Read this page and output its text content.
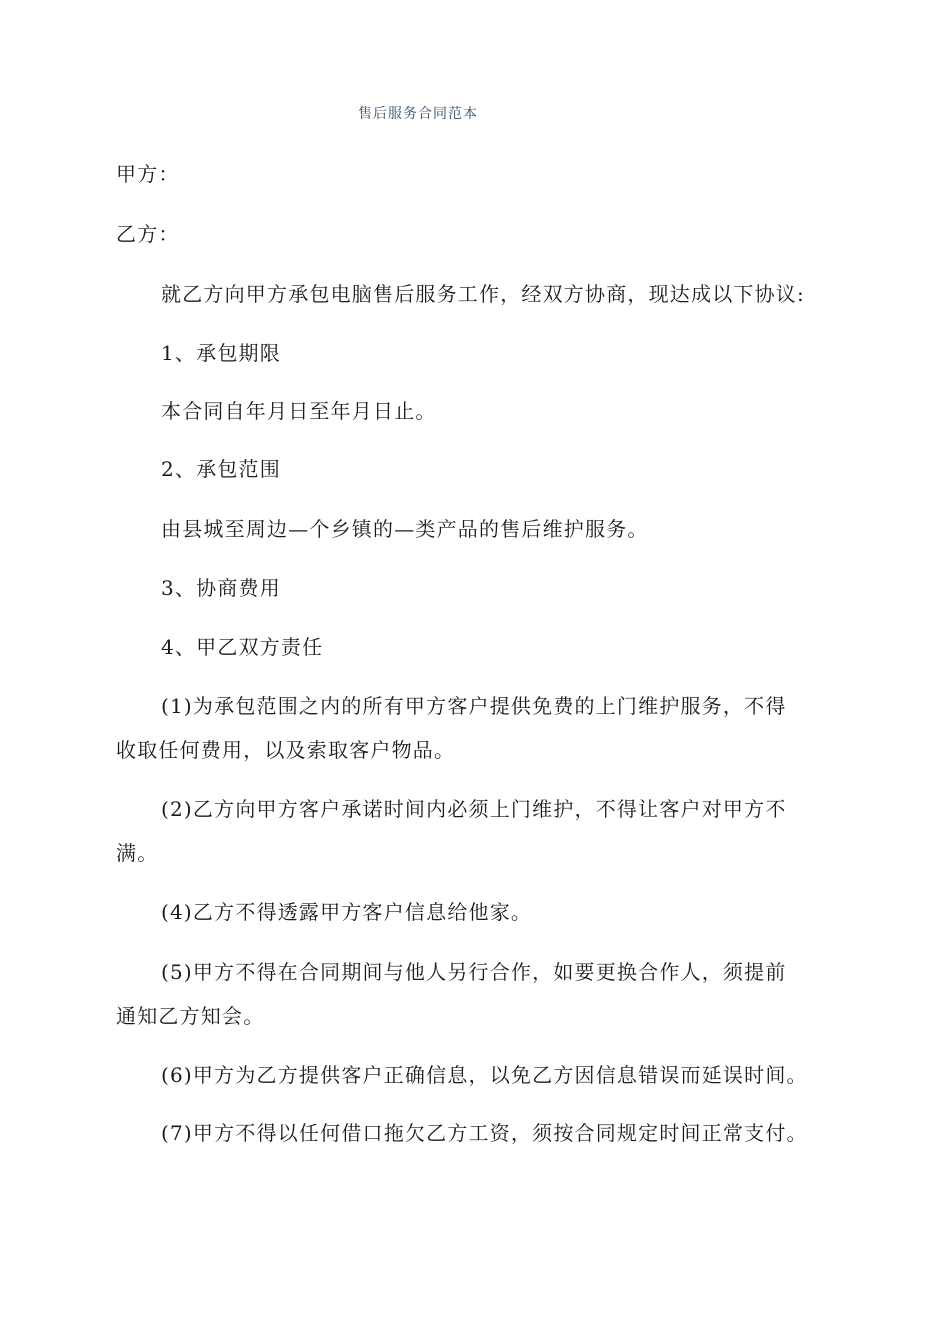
售后服务合同范本
甲方：
乙方：
就乙方向甲方承包电脑售后服务工作，经双方协商，现达成以下协议:
1、承包期限
本合同自年月日至年月日止。
2、承包范围
由县城至周边—个乡镇的—类产品的售后维护服务。
3、协商费用
4、甲乙双方责任
(1)为承包范围之内的所有甲方客户提供免费的上门维护服务，不得
收取任何费用，以及索取客户物品。
(2)乙方向甲方客户承诺时间内必须上门维护，不得让客户对甲方不
满。
(4)乙方不得透露甲方客户信息给他家。
(5)甲方不得在合同期间与他人另行合作，如要更换合作人，须提前
通知乙方知会。
(6)甲方为乙方提供客户正确信息，以免乙方因信息错误而延误时间。
(7)甲方不得以任何借口拖欠乙方工资，须按合同规定时间正常支付。
